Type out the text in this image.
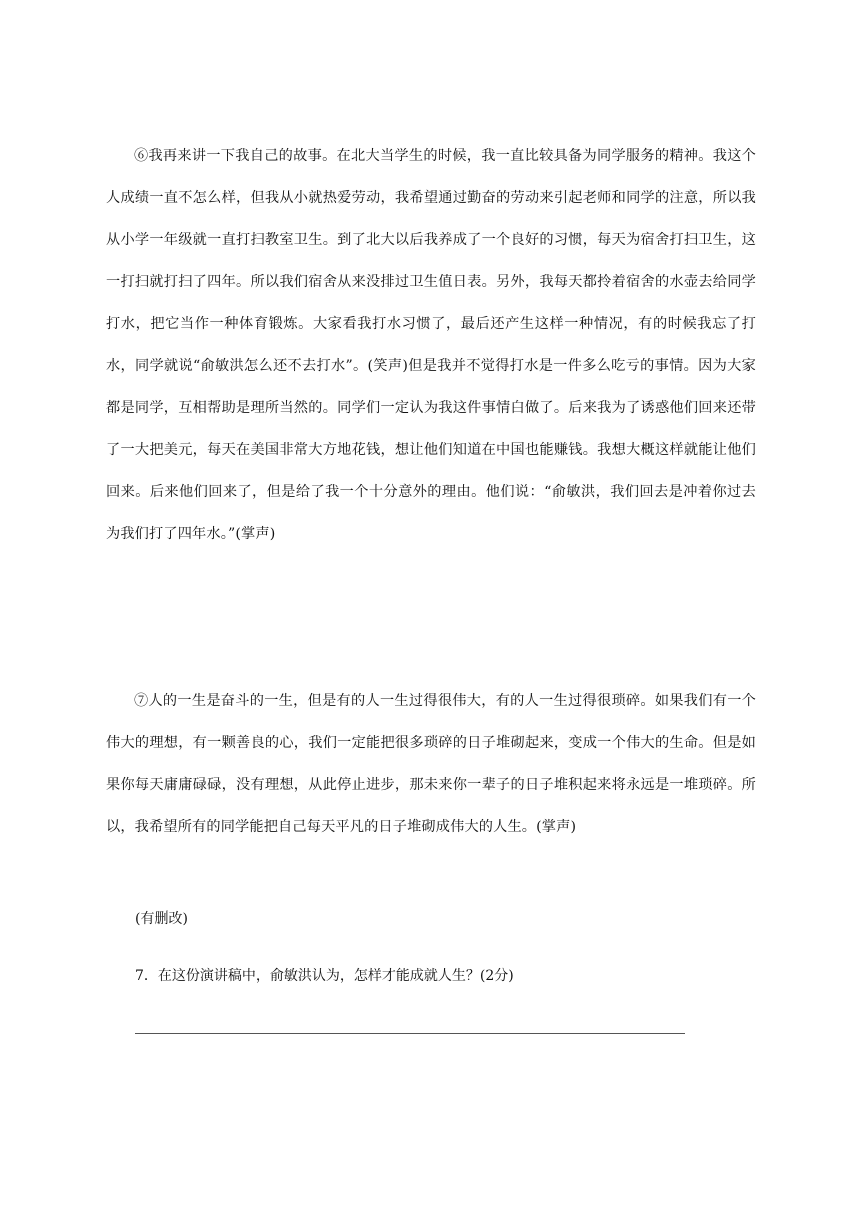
⑥我再来讲一下我自己的故事。在北大当学生的时候，我一直比较具备为同学服务的精神。我这个人成绩一直不怎么样，但我从小就热爱劳动，我希望通过勤奋的劳动来引起老师和同学的注意，所以我从小学一年级就一直打扫教室卫生。到了北大以后我养成了一个良好的习惯，每天为宿舍打扫卫生，这一打扫就打扫了四年。所以我们宿舍从来没排过卫生值日表。另外，我每天都拎着宿舍的水壶去给同学打水，把它当作一种体育锻炼。大家看我打水习惯了，最后还产生这样一种情况，有的时候我忘了打水，同学就说“俞敏洪怎么还不去打水”。(笑声)但是我并不觉得打水是一件多么吃亏的事情。因为大家都是同学，互相帮助是理所当然的。同学们一定认为我这件事情白做了。后来我为了诱惑他们回来还带了一大把美元，每天在美国非常大方地花钱，想让他们知道在中国也能赚钱。我想大概这样就能让他们回来。后来他们回来了，但是给了我一个十分意外的理由。他们说：“俞敏洪，我们回去是冲着你过去为我们打了四年水。”(掌声)

⑦人的一生是奋斗的一生，但是有的人一生过得很伟大，有的人一生过得很琐碎。如果我们有一个伟大的理想，有一颗善良的心，我们一定能把很多琐碎的日子堆砌起来，变成一个伟大的生命。但是如果你每天庸庸碌碌，没有理想，从此停止进步，那未来你一辈子的日子堆积起来将永远是一堆琐碎。所以，我希望所有的同学能把自己每天平凡的日子堆砌成伟大的人生。(掌声)

(有删改)

7．在这份演讲稿中，俞敏洪认为，怎样才能成就人生？(2分)
